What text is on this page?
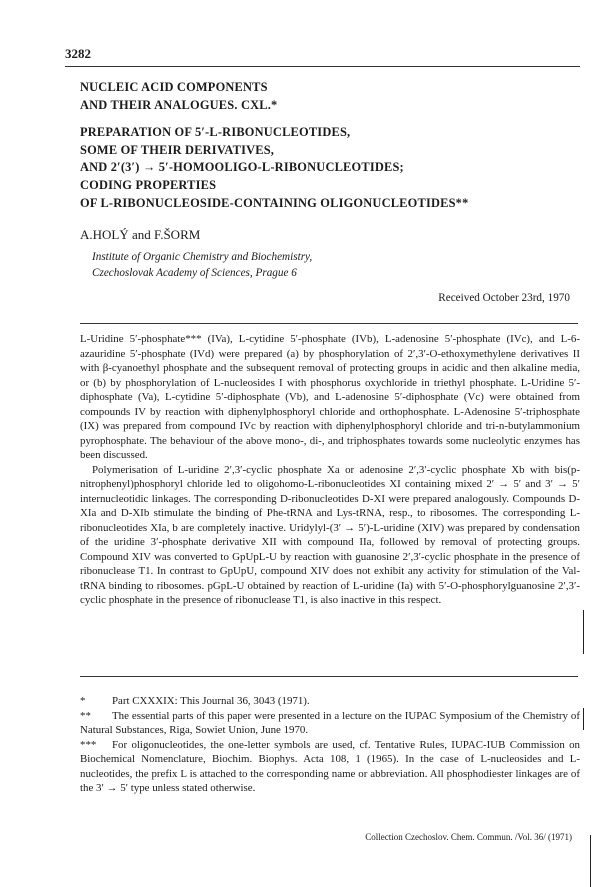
3282
NUCLEIC ACID COMPONENTS
AND THEIR ANALOGUES. CXL.*
PREPARATION OF 5′-L-RIBONUCLEOTIDES,
SOME OF THEIR DERIVATIVES,
AND 2′(3′) → 5′-HOMOOLIGO-L-RIBONUCLEOTIDES;
CODING PROPERTIES
OF L-RIBONUCLEOSIDE-CONTAINING OLIGONUCLEOTIDES**
A.HOLÝ and F.ŠORM
Institute of Organic Chemistry and Biochemistry,
Czechoslovak Academy of Sciences, Prague 6
Received October 23rd, 1970

L-Uridine 5′-phosphate*** (IVa), L-cytidine 5′-phosphate (IVb), L-adenosine 5′-phosphate (IVc), and L-6-azauridine 5′-phosphate (IVd) were prepared (a) by phosphorylation of 2′,3′-O-ethoxymethylene derivatives II with β-cyanoethyl phosphate and the subsequent removal of protecting groups in acidic and then alkaline media, or (b) by phosphorylation of L-nucleosides I with phosphorus oxychloride in triethyl phosphate. L-Uridine 5′-diphosphate (Va), L-cytidine 5′-diphosphate (Vb), and L-adenosine 5′-diphosphate (Vc) were obtained from compounds IV by reaction with diphenylphosphoryl chloride and orthophosphate. L-Adenosine 5′-triphosphate (IX) was prepared from compound IVc by reaction with diphenylphosphoryl chloride and tri-n-butylammonium pyrophosphate. The behaviour of the above mono-, di-, and triphosphates towards some nucleolytic enzymes has been discussed.

Polymerisation of L-uridine 2′,3′-cyclic phosphate Xa or adenosine 2′,3′-cyclic phosphate Xb with bis(p-nitrophenyl)phosphoryl chloride led to oligohomo-L-ribonucleotides XI containing mixed 2′ → 5′ and 3′ → 5′ internucleotidic linkages. The corresponding D-ribonucleotides D-XI were prepared analogously. Compounds D-XIa and D-XIb stimulate the binding of Phe-tRNA and Lys-tRNA, resp., to ribosomes. The corresponding L-ribonucleotides XIa, b are completely inactive. Uridylyl-(3′ → 5′)-L-uridine (XIV) was prepared by condensation of the uridine 3′-phosphate derivative XII with compound IIa, followed by removal of protecting groups. Compound XIV was converted to GpUpL-U by reaction with guanosine 2′,3′-cyclic phosphate in the presence of ribonuclease T1. In contrast to GpUpU, compound XIV does not exhibit any activity for stimulation of the Val-tRNA binding to ribosomes. pGpL-U obtained by reaction of L-uridine (Ia) with 5′-O-phosphorylguanosine 2′,3′-cyclic phosphate in the presence of ribonuclease T1, is also inactive in this respect.

* Part CXXXIX: This Journal 36, 3043 (1971).

** The essential parts of this paper were presented in a lecture on the IUPAC Symposium of the Chemistry of Natural Substances, Riga, Sowiet Union, June 1970.

*** For oligonucleotides, the one-letter symbols are used, cf. Tentative Rules, IUPAC-IUB Commission on Biochemical Nomenclature, Biochim. Biophys. Acta 108, 1 (1965). In the case of L-nucleosides and L-nucleotides, the prefix L is attached to the corresponding name or abbreviation. All phosphodiester linkages are of the 3′ → 5′ type unless stated otherwise.

Collection Czechoslov. Chem. Commun. /Vol. 36/ (1971)
